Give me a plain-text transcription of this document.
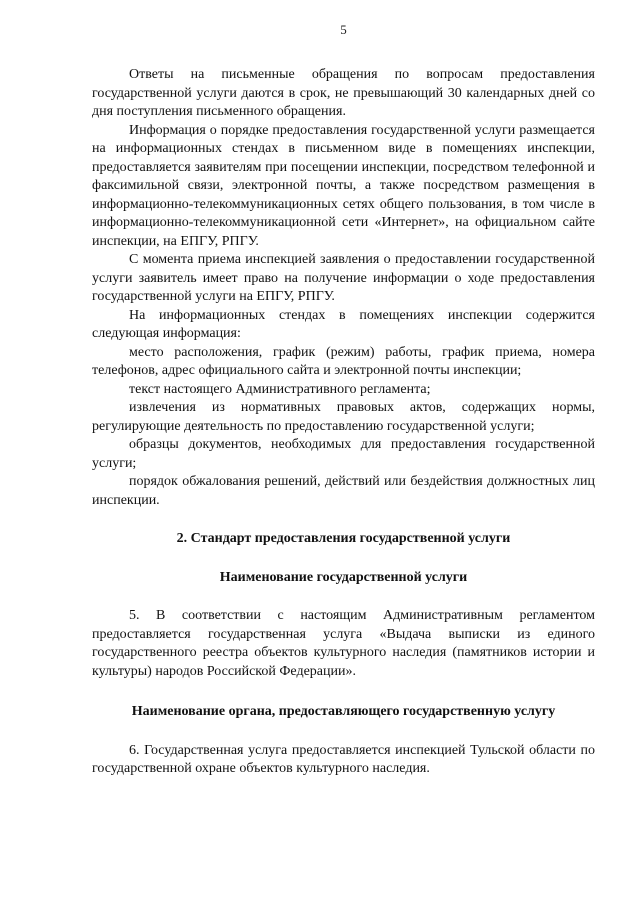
5

Ответы на письменные обращения по вопросам предоставления государственной услуги даются в срок, не превышающий 30 календарных дней со дня поступления письменного обращения.

Информация о порядке предоставления государственной услуги размещается на информационных стендах в письменном виде в помещениях инспекции, предоставляется заявителям при посещении инспекции, посредством телефонной и факсимильной связи, электронной почты, а также посредством размещения в информационно-телекоммуникационных сетях общего пользования, в том числе в информационно-телекоммуникационной сети «Интернет», на официальном сайте инспекции, на ЕПГУ, РПГУ.

С момента приема инспекцией заявления о предоставлении государственной услуги заявитель имеет право на получение информации о ходе предоставления государственной услуги на ЕПГУ, РПГУ.

На информационных стендах в помещениях инспекции содержится следующая информация:

место расположения, график (режим) работы, график приема, номера телефонов, адрес официального сайта и электронной почты инспекции;

текст настоящего Административного регламента;

извлечения из нормативных правовых актов, содержащих нормы, регулирующие деятельность по предоставлению государственной услуги;

образцы документов, необходимых для предоставления государственной услуги;

порядок обжалования решений, действий или бездействия должностных лиц инспекции.

2. Стандарт предоставления государственной услуги
Наименование государственной услуги

5. В соответствии с настоящим Административным регламентом предоставляется государственная услуга «Выдача выписки из единого государственного реестра объектов культурного наследия (памятников истории и культуры) народов Российской Федерации».

Наименование органа, предоставляющего государственную услугу

6. Государственная услуга предоставляется инспекцией Тульской области по государственной охране объектов культурного наследия.
